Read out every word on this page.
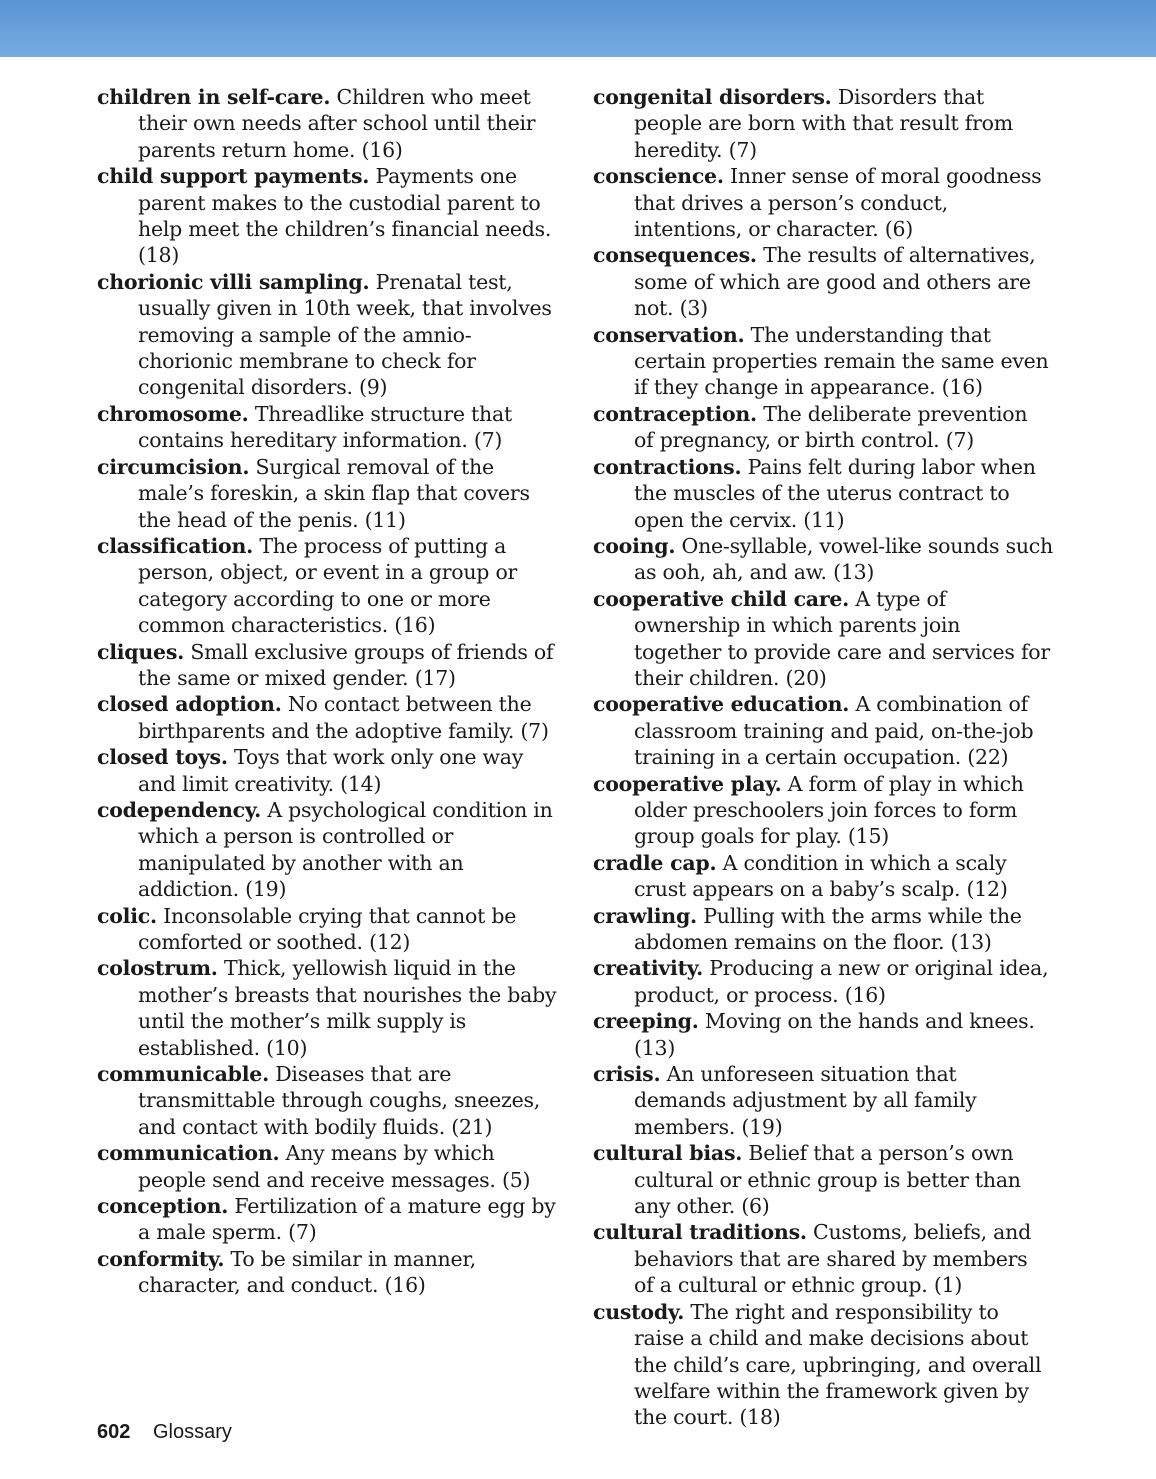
children in self-care. Children who meet their own needs after school until their parents return home. (16)

child support payments. Payments one parent makes to the custodial parent to help meet the children’s financial needs. (18)

chorionic villi sampling. Prenatal test, usually given in 10th week, that involves removing a sample of the amnio-chorionic membrane to check for congenital disorders. (9)

chromosome. Threadlike structure that contains hereditary information. (7)

circumcision. Surgical removal of the male’s foreskin, a skin flap that covers the head of the penis. (11)

classification. The process of putting a person, object, or event in a group or category according to one or more common characteristics. (16)

cliques. Small exclusive groups of friends of the same or mixed gender. (17)

closed adoption. No contact between the birthparents and the adoptive family. (7)

closed toys. Toys that work only one way and limit creativity. (14)

codependency. A psychological condition in which a person is controlled or manipulated by another with an addiction. (19)

colic. Inconsolable crying that cannot be comforted or soothed. (12)

colostrum. Thick, yellowish liquid in the mother’s breasts that nourishes the baby until the mother’s milk supply is established. (10)

communicable. Diseases that are transmittable through coughs, sneezes, and contact with bodily fluids. (21)

communication. Any means by which people send and receive messages. (5)

conception. Fertilization of a mature egg by a male sperm. (7)

conformity. To be similar in manner, character, and conduct. (16)

congenital disorders. Disorders that people are born with that result from heredity. (7)

conscience. Inner sense of moral goodness that drives a person’s conduct, intentions, or character. (6)

consequences. The results of alternatives, some of which are good and others are not. (3)

conservation. The understanding that certain properties remain the same even if they change in appearance. (16)

contraception. The deliberate prevention of pregnancy, or birth control. (7)

contractions. Pains felt during labor when the muscles of the uterus contract to open the cervix. (11)

cooing. One-syllable, vowel-like sounds such as ooh, ah, and aw. (13)

cooperative child care. A type of ownership in which parents join together to provide care and services for their children. (20)

cooperative education. A combination of classroom training and paid, on-the-job training in a certain occupation. (22)

cooperative play. A form of play in which older preschoolers join forces to form group goals for play. (15)

cradle cap. A condition in which a scaly crust appears on a baby’s scalp. (12)

crawling. Pulling with the arms while the abdomen remains on the floor. (13)

creativity. Producing a new or original idea, product, or process. (16)

creeping. Moving on the hands and knees. (13)

crisis. An unforeseen situation that demands adjustment by all family members. (19)

cultural bias. Belief that a person’s own cultural or ethnic group is better than any other. (6)

cultural traditions. Customs, beliefs, and behaviors that are shared by members of a cultural or ethnic group. (1)

custody. The right and responsibility to raise a child and make decisions about the child’s care, upbringing, and overall welfare within the framework given by the court. (18)

602 Glossary
